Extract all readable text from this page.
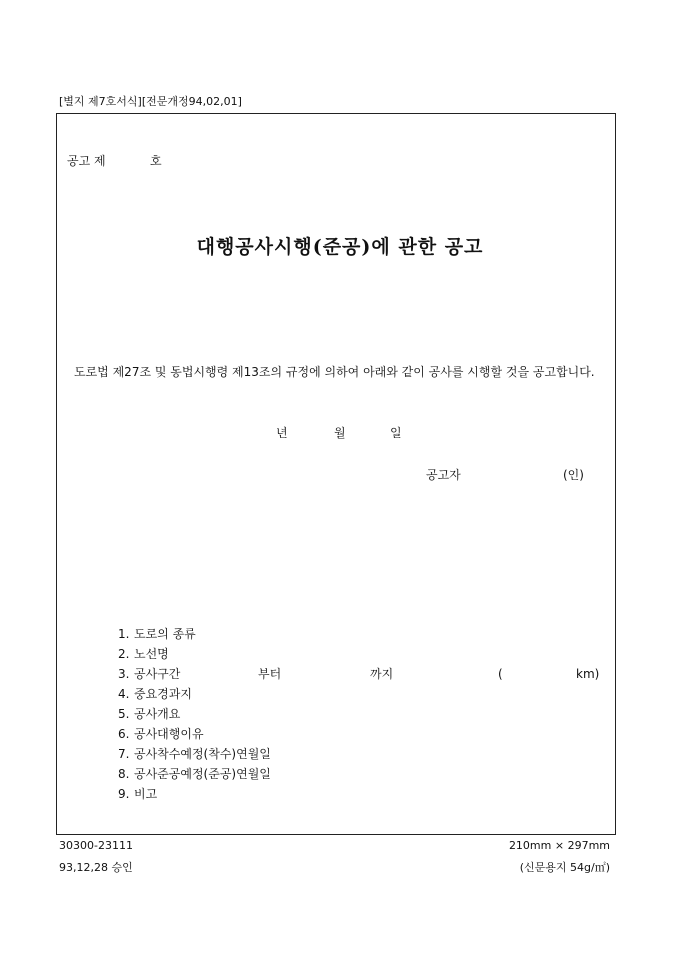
[별지 제7호서식][전문개정94,02,01]
공고 제	호
대행공사시행(준공)에 관한 공고
도로법 제27조 및 동법시행령 제13조의 규정에 의하여 아래와 같이 공사를 시행할 것을 공고합니다.
년	월	일
공고자	(인)
1. 도로의 종류
2. 노선명
3. 공사구간	부터	까지	(	km)
4. 중요경과지
5. 공사개요
6. 공사대행이유
7. 공사착수예정(착수)연월일
8. 공사준공예정(준공)연월일
9. 비고
30300-23111
93,12,28 승인
210mm × 297mm
(신문용지 54g/㎡)
